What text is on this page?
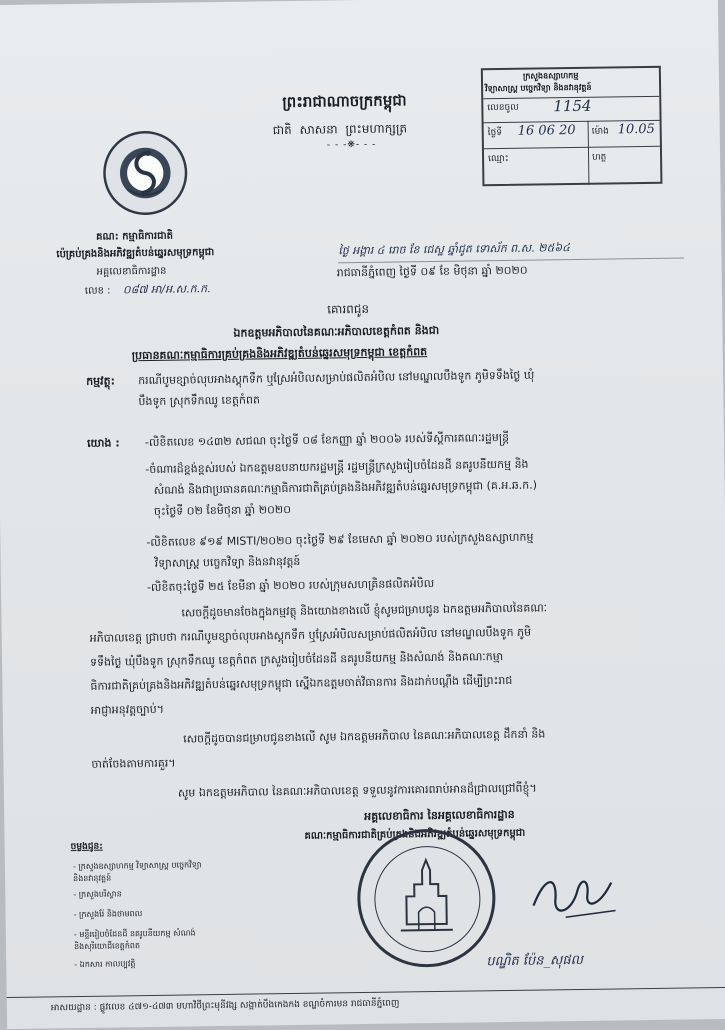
ព្រះរាជាណាចក្រកម្ពុជា
ជាតិ សាសនា ព្រះមហាក្សត្រ
- - -❋- - -
ក្រសួងឧស្សាហកម្ម
វិទ្យាសាស្ត្រ បច្ចេកវិទ្យា និងនវានុវត្តន៍
លេខចូល 1154
ថ្ងៃទី 16 06 20 ម៉ោង 10.05
ឈ្មោះ	ហត្ថ
គណ: កម្មាធិការជាតិ
ប៉េគ្រប់គ្រងនិងអភិវឌ្ឍតំបន់ឆ្នេរសមុទ្រកម្ពុជា
អគ្គលេខាធិការដ្ឋាន
លេខ : ០៨៧ អា/អ.ស.ក.ក.
ថ្ងៃ អង្គារ ៤ រោច ខែ ជេស្ឋ ឆ្នាំជូត ទោស័ក ព.ស. ២៥៦៤
រាជធានីភ្នំពេញ ថ្ងៃទី ០៩ ខែ មិថុនា ឆ្នាំ ២០២០
គោរពជូន
ឯកឧត្តមអភិបាលនៃគណៈអភិបាលខេត្តកំពត និងជា
ប្រធានគណៈកម្មាធិការគ្រប់គ្រងនិងអភិវឌ្ឍតំបន់ឆ្នេរសមុទ្រកម្ពុជា ខេត្តកំពត
កម្មវត្ថុ: ករណីបូមខ្សាច់លុបអាងស្តុកទឹក ឬស្រែអំបិលសម្រាប់ផលិតអំបិល នៅមណ្ឌលបឹងទូក ភូមិទទឹងថ្ងៃ ឃុំ
បឹងទូក ស្រុកទឹកឈូ ខេត្តកំពត
យោង : -លិខិតលេខ ១៤៣២ សជណ ចុះថ្ងៃទី ០៨ ខែកញ្ញា ឆ្នាំ ២០០៦ របស់ទីស្តីការគណៈរដ្ឋមន្ត្រី
-ចំណារដ៏ខ្ពង់ខ្ពស់របស់ ឯកឧត្តមឧបនាយករដ្ឋមន្ត្រី រដ្ឋមន្ត្រីក្រសួងរៀបចំដែនដី នគរូបនីយកម្ម និង
សំណង់ និងជាប្រធានគណៈកម្មាធិការជាតិគ្រប់គ្រងនិងអភិវឌ្ឍតំបន់ឆ្នេរសមុទ្រកម្ពុជា (គ.អ.ឆ.ក.)
ចុះថ្ងៃទី ០២ ខែមិថុនា ឆ្នាំ ២០២០
-លិខិតលេខ ៩១៩ MISTI/២០២០ ចុះថ្ងៃទី ២៩ ខែមេសា ឆ្នាំ ២០២០ របស់ក្រសួងឧស្សាហកម្ម
វិទ្យាសាស្ត្រ បច្ចេកវិទ្យា និងនវានុវត្តន៍
-លិខិតចុះថ្ងៃទី ២៥ ខែមីនា ឆ្នាំ ២០២០ របស់ក្រុមសហគ្រិនផលិតអំបិល
សេចក្តីដូចមានចែងក្នុងកម្មវត្ថុ និងយោងខាងលើ ខ្ញុំសូមជម្រាបជូន ឯកឧត្តមអភិបាលនៃគណៈ
អភិបាលខេត្ត ជ្រាបថា ករណីបូមខ្សាច់លុបអាងស្តុកទឹក ឬស្រែអំបិលសម្រាប់ផលិតអំបិល នៅមណ្ឌលបឹងទូក ភូមិ
ទទឹងថ្ងៃ ឃុំបឹងទូក ស្រុកទឹកឈូ ខេត្តកំពត ក្រសួងរៀបចំដែនដី នគរូបនីយកម្ម និងសំណង់ និងគណៈកម្មា
ធិការជាតិគ្រប់គ្រងនិងអភិវឌ្ឍតំបន់ឆ្នេរសមុទ្រកម្ពុជា ស្នើឯកឧត្តមចាត់វិធានការ និងដាក់បណ្តឹង ដើម្បីព្រះរាជ
អាជ្ញាអនុវត្តច្បាប់។
សេចក្តីដូចបានជម្រាបជូនខាងលើ សូម ឯកឧត្តមអភិបាល នៃគណៈអភិបាលខេត្ត ដឹកនាំ និង
ចាត់ចែងតាមការគួរ។
សូម ឯកឧត្តមអភិបាល នៃគណៈអភិបាលខេត្ត ទទួលនូវការគោរពរាប់អានដ៏ជ្រាលជ្រៅពីខ្ញុំ។
អគ្គលេខាធិការ នៃអគ្គលេខាធិការដ្ឋាន
គណៈកម្មាធិការជាតិគ្រប់គ្រងនិងអភិវឌ្ឍតំបន់ឆ្នេរសមុទ្រកម្ពុជា
បណ្ឌិត ប៉ែន_សុផល
ចម្លងជូន:
- ក្រសួងឧស្សាហកម្ម វិទ្យាសាស្ត្រ បច្ចេកវិទ្យា
និងនវានុវត្តន៍
- ក្រសួងបរិស្ថាន
- ក្រសួងរ៉ែ និងថាមពល
- មន្ទីររៀបចំដែនដី នគរូបនីយកម្ម សំណង់
និងសុរិយោដីខេត្តកំពត
- ឯកសារ កាលប្បវត្តិ
អាសយដ្ឋាន : ផ្លូវលេខ ៤៧១-៤៧៣ មហាវិថីព្រះមុនីវង្ស សង្កាត់បឹងកេងកង ខណ្ឌចំការមន រាជធានីភ្នំពេញ
